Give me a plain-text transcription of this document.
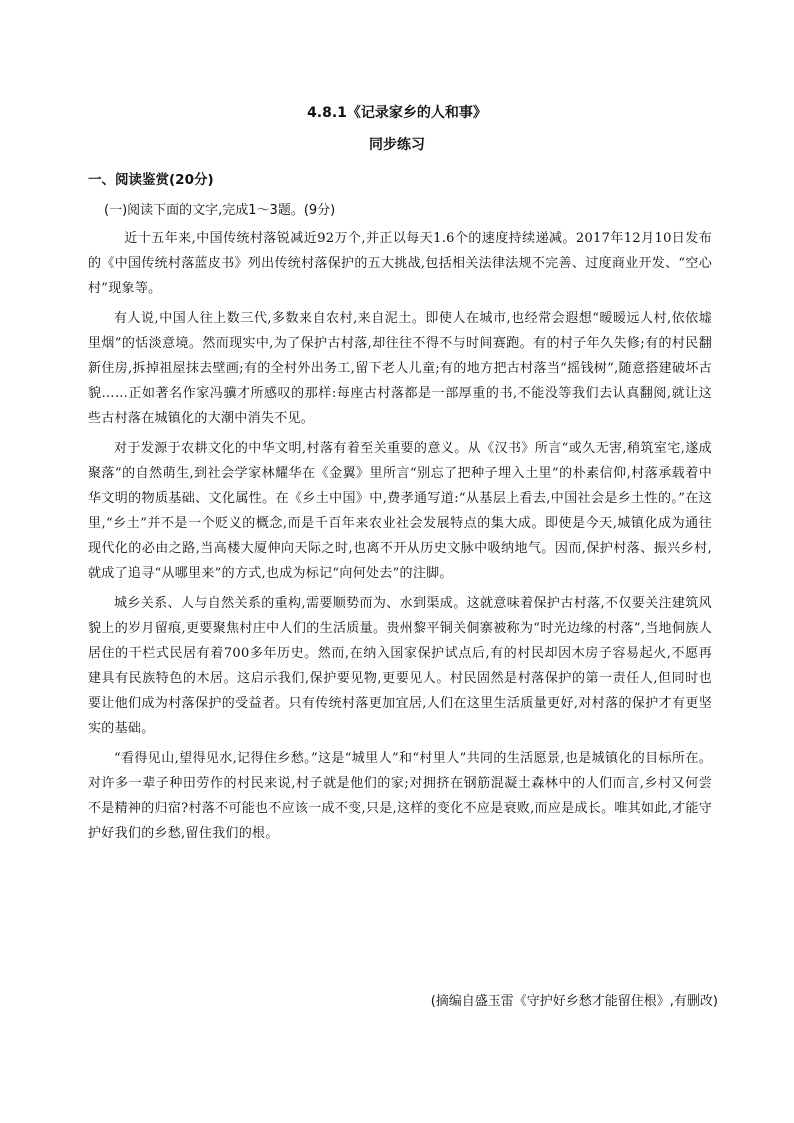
4.8.1《记录家乡的人和事》
同步练习
一、阅读鉴赏(20分)
(一)阅读下面的文字,完成1～3题。(9分)

近十五年来,中国传统村落锐减近92万个,并正以每天1.6个的速度持续递减。2017年12月10日发布的《中国传统村落蓝皮书》列出传统村落保护的五大挑战,包括相关法律法规不完善、过度商业开发、“空心村”现象等。

有人说,中国人往上数三代,多数来自农村,来自泥土。即使人在城市,也经常会遐想“暧暧远人村,依依墟里烟”的恬淡意境。然而现实中,为了保护古村落,却往往不得不与时间赛跑。有的村子年久失修;有的村民翻新住房,拆掉祖屋抹去壁画;有的全村外出务工,留下老人儿童;有的地方把古村落当“摇钱树”,随意搭建破坏古貌……正如著名作家冯骥才所感叹的那样:每座古村落都是一部厚重的书,不能没等我们去认真翻阅,就让这些古村落在城镇化的大潮中消失不见。

对于发源于农耕文化的中华文明,村落有着至关重要的意义。从《汉书》所言“或久无害,稍筑室宅,遂成聚落”的自然萌生,到社会学家林耀华在《金翼》里所言“别忘了把种子埋入土里”的朴素信仰,村落承载着中华文明的物质基础、文化属性。在《乡土中国》中,费孝通写道:“从基层上看去,中国社会是乡土性的。”在这里,“乡土”并不是一个贬义的概念,而是千百年来农业社会发展特点的集大成。即使是今天,城镇化成为通往现代化的必由之路,当高楼大厦伸向天际之时,也离不开从历史文脉中吸纳地气。因而,保护村落、振兴乡村,就成了追寻“从哪里来”的方式,也成为标记“向何处去”的注脚。

城乡关系、人与自然关系的重构,需要顺势而为、水到渠成。这就意味着保护古村落,不仅要关注建筑风貌上的岁月留痕,更要聚焦村庄中人们的生活质量。贵州黎平铜关侗寨被称为“时光边缘的村落”,当地侗族人居住的干栏式民居有着700多年历史。然而,在纳入国家保护试点后,有的村民却因木房子容易起火,不愿再建具有民族特色的木居。这启示我们,保护要见物,更要见人。村民固然是村落保护的第一责任人,但同时也要让他们成为村落保护的受益者。只有传统村落更加宜居,人们在这里生活质量更好,对村落的保护才有更坚实的基础。

“看得见山,望得见水,记得住乡愁。”这是“城里人”和“村里人”共同的生活愿景,也是城镇化的目标所在。对许多一辈子种田劳作的村民来说,村子就是他们的家;对拥挤在钢筋混凝土森林中的人们而言,乡村又何尝不是精神的归宿?村落不可能也不应该一成不变,只是,这样的变化不应是衰败,而应是成长。唯其如此,才能守护好我们的乡愁,留住我们的根。

(摘编自盛玉雷《守护好乡愁才能留住根》,有删改)
